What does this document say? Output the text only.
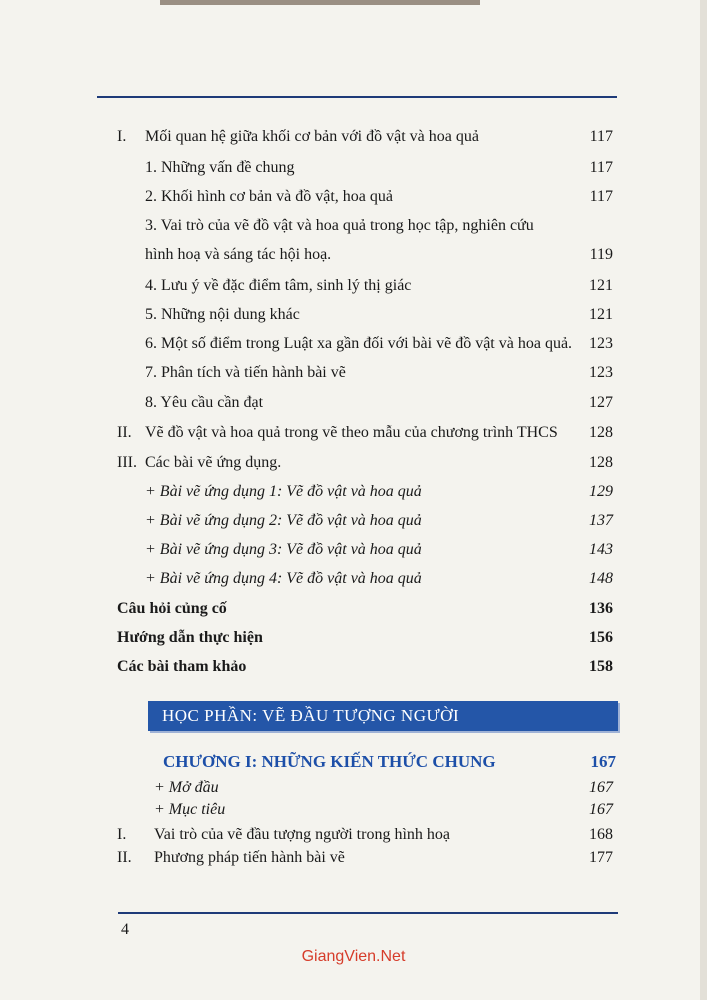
I. Mối quan hệ giữa khối cơ bản với đồ vật và hoa quả	117
1. Những vấn đề chung	117
2. Khối hình cơ bản và đồ vật, hoa quả	117
3. Vai trò của vẽ đồ vật và hoa quả trong học tập, nghiên cứu
hình hoạ và sáng tác hội hoạ.	119
4. Lưu ý về đặc điểm tâm, sinh lý thị giác	121
5. Những nội dung khác	121
6. Một số điểm trong Luật xa gần đối với bài vẽ đồ vật và hoa quả. 123
7. Phân tích và tiến hành bài vẽ	123
8. Yêu cầu cần đạt	127
II. Vẽ đồ vật và hoa quả trong vẽ theo mẫu của chương trình THCS 128
III. Các bài vẽ ứng dụng.	128
+ Bài vẽ ứng dụng 1: Vẽ đồ vật và hoa quả	129
+ Bài vẽ ứng dụng 2: Vẽ đồ vật và hoa quả	137
+ Bài vẽ ứng dụng 3: Vẽ đồ vật và hoa quả	143
+ Bài vẽ ứng dụng 4: Vẽ đồ vật và hoa quả	148
Câu hỏi củng cố	136
Hướng dẫn thực hiện	156
Các bài tham khảo	158
HỌC PHẦN: VẼ ĐẦU TƯỢNG NGƯỜI
CHƯƠNG I: NHỮNG KIẾN THỨC CHUNG	167
+ Mở đầu	167
+ Mục tiêu	167
I. Vai trò của vẽ đầu tượng người trong hình hoạ	168
II. Phương pháp tiến hành bài vẽ	177
4
GiangVien.Net
